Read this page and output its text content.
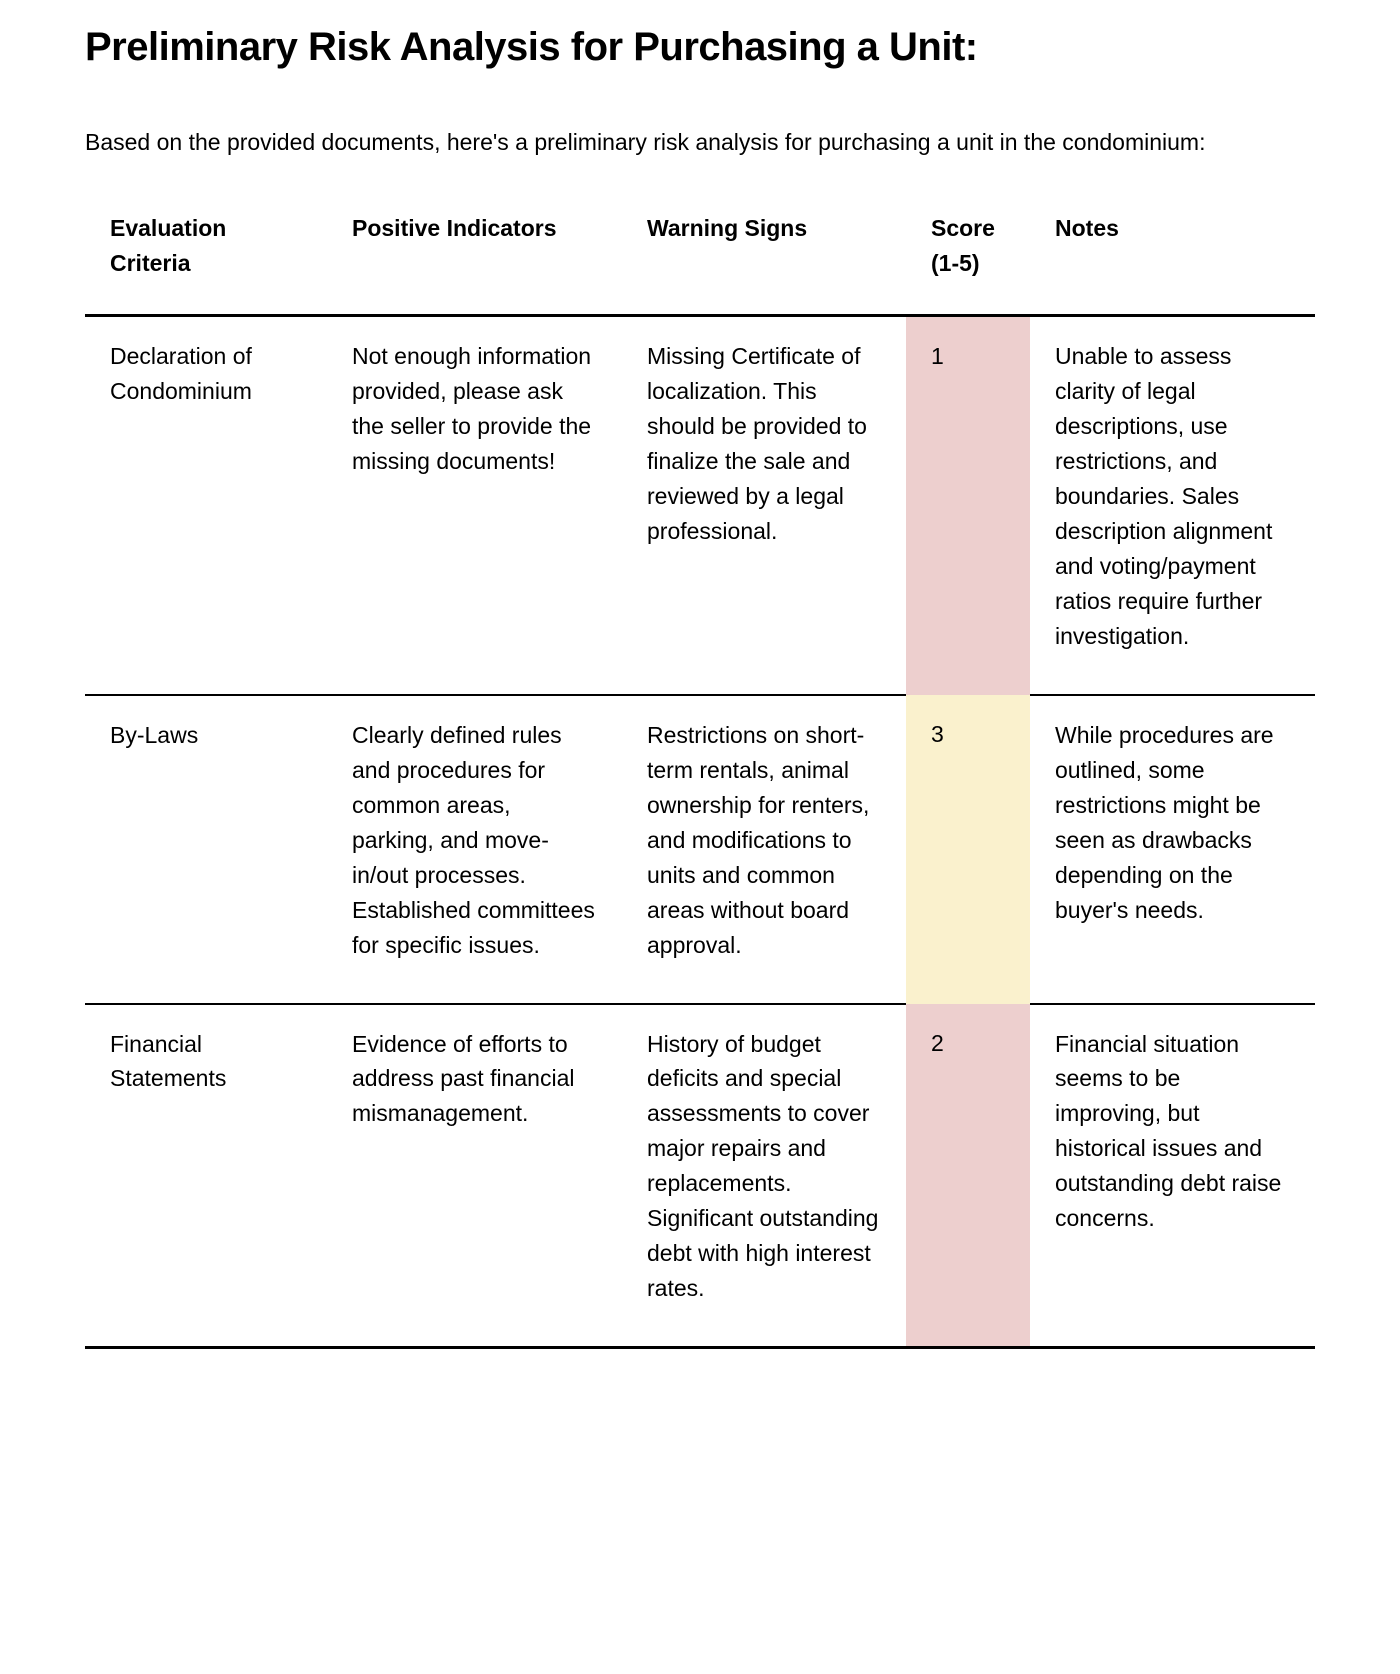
Preliminary Risk Analysis for Purchasing a Unit:

Based on the provided documents, here's a preliminary risk analysis for purchasing a unit in the condominium:

Evaluation Criteria	Positive Indicators	Warning Signs	Score (1-5)	Notes
Declaration of Condominium	Not enough information provided, please ask the seller to provide the missing documents!	Missing Certificate of localization. This should be provided to finalize the sale and reviewed by a legal professional.	1	Unable to assess clarity of legal descriptions, use restrictions, and boundaries. Sales description alignment and voting/payment ratios require further investigation.
By-Laws	Clearly defined rules and procedures for common areas, parking, and move-in/out processes. Established committees for specific issues.	Restrictions on short-term rentals, animal ownership for renters, and modifications to units and common areas without board approval.	3	While procedures are outlined, some restrictions might be seen as drawbacks depending on the buyer's needs.
Financial Statements	Evidence of efforts to address past financial mismanagement.	History of budget deficits and special assessments to cover major repairs and replacements. Significant outstanding debt with high interest rates.	2	Financial situation seems to be improving, but historical issues and outstanding debt raise concerns.
